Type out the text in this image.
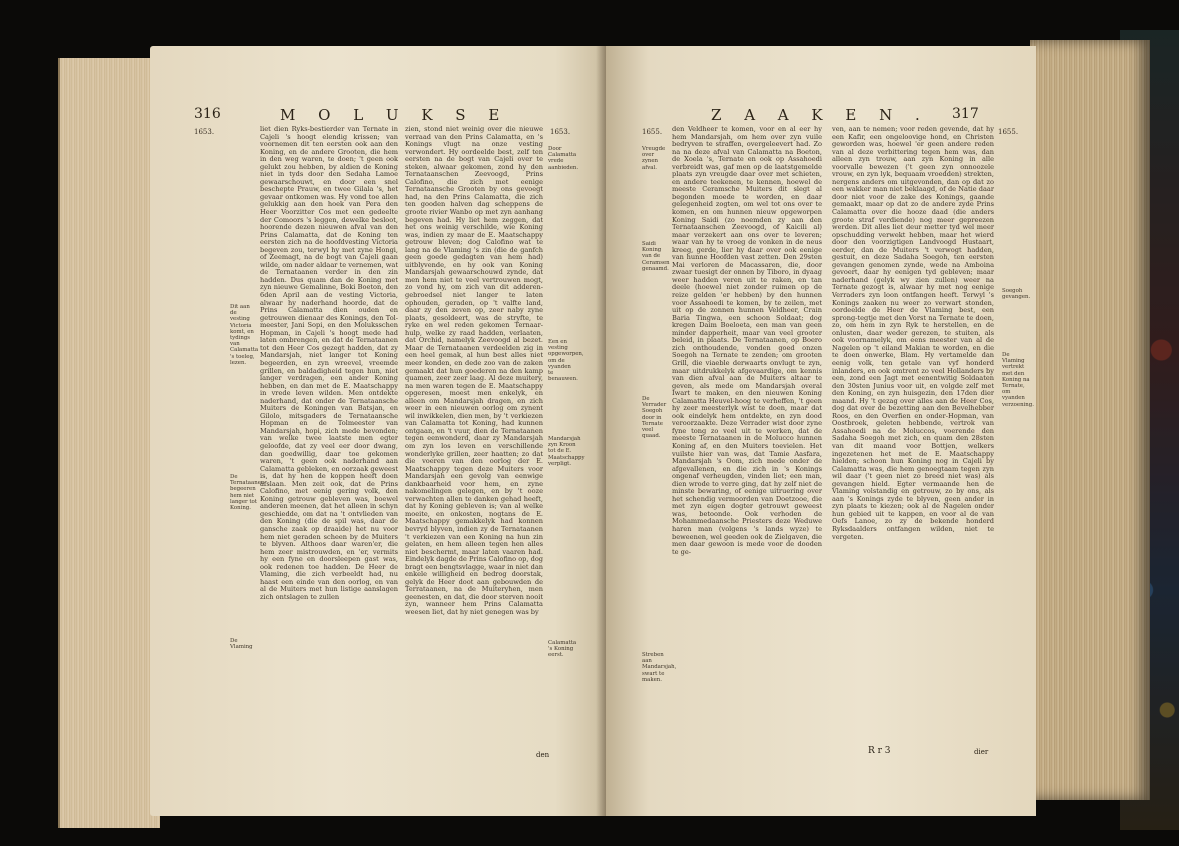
316	M O L U K S E
1653.	1653.
Dit aan de vesting Victoria komt, en tydings van Calamatta 's toeleg, lezen.
De Ternataanen begeeren hem niet langer tot Koning.
De Vlaming
Door Calamatta vrede aanbieden.
Een en vesting opgeworpen, om de vyanden te benauwen.
Mandarsjah zyn Kroon tot de E. Maatschappy verpligt.
Calamatta 's Koning eerst.
liet dien Ryks-bestierder van Ternate in Cajeli 's hoogt elendig krissen; van voornemen dit ten eersten ook aan den Koning, en de andere Grooten, die hem in den weg waren, te doen; 't geen ook gelukt zou hebben, by aldien de Koning niet in tyds door den Sedaha Lamoe gewaarschouwt, en door een snel beschepte Prauw, en twee Gilala 's, het gevaar ontkomen was. Hy vond toe allen gelukkig aan den hoek van Pera den Heer Voorzitter Cos met een gedeelte der Comoors 's leggen, dewelke besloot, hoorende dezen nieuwen afval van den Prins Calamatta, dat de Koning ten eersten zich na de hoofdvesting Victoria begeven zou, terwyl hy met zyne Hongi, of Zeemagt, na de bogt van Cajeli gaan wilde, om nader aldaar te vernemen, wat de Ternataanen verder in den zin hadden. Dus quam dan de Koning met zyn nieuwe Gemalinne, Boki Boeton, den 6den April aan de vesting Victoria, alwaar hy naderhand hoorde, dat de Prins Calamatta dien ouden en getrouwen dienaar des Konings, den Tol-meester, Jani Sopi, en den Moluksschen Hopman, in Cajeli 's hoogt mede had laten ombrengen, en dat de Ternataanen tot den Heer Cos gezegt hadden, dat zy Mandarsjah, niet langer tot Koning begeerden, en zyn wreevel, vreemde grillen, en baldadigheid tegen hun, niet langer verdragen, een ander Koning hebben, en dan met de E. Maatschappy in vrede leven wilden. Men ontdekte naderhand, dat onder de Ternataansche Muiters de Koningen van Batsjan, en Gilolo, mitsgaders de Ternataansche Hopman en de Tolmeester van Mandarsjah, hopi, zich mede bevonden; van welke twee laatste men egter geloofde, dat zy veel eer door dwang, dan goedwillig, daar toe gekomen waren, 't geen ook naderhand aan Calamatta gebleken, en oorzaak geweest is, dat hy hen de koppen heeft doen afslaan. Men zeit ook, dat de Prins Calofino, met eenig gering volk, den Koning getrouw gebleven was, boewel anderen meenen, dat het alleen in schyn geschiedde, om dat na 't ontvlieden van den Koning (die de spil was, daar de gansche zaak op draaide) het nu voor hem niet geraden scheen by de Muiters te blyven. Althoos daar waren'er, die hem zeer mistrouwden, en 'er, vermits hy een fyne en doorsleepen gast was, ook redenen toe hadden. De Heer de Vlaming, die zich verbeeldt had, nu haast een einde van den oorlog, en van al de Muiters met hun listige aanslagen zich ontslagen te zullen
zien, stond niet weinig over die nieuwe verraad van den Prins Calamatta, en 's Konings vlugt na onze vesting verwondert. Hy oordeelde best, zelf ten eersten na de bogt van Cajeli over te steken, alwaar gekomen, zond hy den Ternataanschen Zeevoogd, Prins Calofino, die zich met eenige Ternataansche Grooten by ons gevoegt had, na den Prins Calamatta, die zich ten gooden halven dag scheppens de groote rivier Wanbo op met zyn aanhang begeven had. Hy liet hem zeggen, dat het ons weinig verschilde, wie Koning was, indien zy maar de E. Maatschappy getrouw bleven; dog Calofino wat te lang na de Vlaming 's zin (die de ganfch geen goede gedagten van hem had) uitblyvende, en hy ook van Koning Mandarsjah gewaarschouwd zynde, dat men hem niet te veel vertrouwen mogt, zo vond hy, om zich van dit adderen-gebroedsel niet langer te laten ophouden, geraden, op 't valfte land, daar zy den zeven op, zeer naby zyne plaats, gesoldeert, was de stryfte, te ryke en wel reden gekomen Ternaar-hulp, welke zy raad hadden, verlaaten, dat Orchid, namelyk Zeevoogd al bezet. Maar de Ternataanen verdeelden zig in een heel gemak, al hun best alles niet meer konden, en dede zoo van de zaken gemaakt dat hun goederen na den kamp quamen, zeer zeer laag. Al deze muitery, na men waren tegen de E. Maatschappy opgeresen, moest men enkelyk, en alleen om Mandarsjah dragen, en zich weer in een nieuwen oorlog om zynent wil inwikkelen, dien men, by 't verkiezen van Calamatta tot Koning, had kunnen ontgaan, en 't vuur, dien de Ternataanen tegen eenwonderd, daar zy Mandarsjah om zyn los leven en verschillende wonderlyke grillen, zeer haatten; zo dat die voeren van den oorlog der E. Maatschappy tegen deze Muiters voor Mandarsjah een gevolg van eenwige dankbaarheid voor hem, en zyne nakomelingen gelegen, en by 't ooze verwachten allen te danken gehad heeft, dat hy Koning gebleven is; van al welke moeite, en onkosten, nogtans de E. Maatschappy gemakkelyk had konnen bevryd blyven, indien zy de Ternataanen 't verkiezen van een Koning na hun zin gelaten, en hem alleen tegen hen alles niet beschermt, maar laten vaaren had. Eindelyk dagde de Prins Calofino op, dog bragt een bengtsvlagge, waar in niet dan enkele willigheid en bedrog doorstak, gelyk de Heer doot aan gebouwden de Terrataanen, na de Muiteryhen, men geenesten, en dat, die door sterven nooit zyn, wanneer hem Prins Calamatta weesen liet, dat hy niet genegen was by
den
Z A A K E N . 317
1655.	1655.
Vreugde over zynen afval.
Saidi Koning van de Ceramsen genaamd.
De Verrader Soegoh door in Ternate veel quaad.
Streben aan Mandarsjah, swart te maken.
Soegoh gevangen.
De Vlaming vertrekt met den Koning na Ternate, om vyanden verzoening.
den Veldheer te komen, voor en al eer hy hem Mandarsjah, om hem over zyn vuile bedryven te straffen, overgeleevert had. Zo na na deze afval van Calamatta na Boeton, de Xoela 's, Ternate en ook op Assahoedi verbreidt was, gaf men op de laatstgemelde plaats zyn vreugde daar over met schieten, en andere teekenen, te kennen, hoewel de meeste Ceramsche Muiters dit slegt al begonden moede te worden, en daar gelegenheid zogten, om wel tot ons over te komen, en om hunnen nieuw opgeworpen Koning Saidi (zo noemden zy aan den Ternataanschen Zeevoogd, of Kaicili al) maar verzekert aan ons over te leveren; waar van hy te vroeg de vonken in de neus kreeg, gerde, lier hy daar over ook eenige van hunne Hoofden vast zetten. Den 29sten Mai verloren de Macassaren, die, door zwaar tuesigt der onnen by Tiboro, in dyaag weer hadden veren uit te raken, en tan deele (hoewel niet zonder ruimen op de reize gelden 'er hebben) by den hunnen voor Assahoedi te komen, by te zeilen, met uit op de zonnen hunnen Veldheer, Crain Baria Tingwa, een schoon Soldaat; dog kregen Daim Boeloeta, een man van geen minder dapperheit, maar van veel grooter beleid, in plaats. De Ternataanen, op Boero zich onthoudende, vonden goed onzen Soegoh na Ternate te zenden; om grooten Grill, die viaeble derwaarts onvlugt te zyn, maar uitdrukkelyk afgevaardige, om kennis van dien afval aan de Muiters altaar te geven, als mede om Mandarsjah overal Iwart te maken, en den nieuwen Koning Calamatta Heuvel-hoog te verheffen, 't geen hy zeer meesterlyk wist te doen, maar dat ook eindelyk hem ontdekte, en zyn dood veroorzaakte. Deze Verrader wist door zyne fyne tong zo veel uit te werken, dat de meeste Ternataanen in de Molucco hunnen Koning af, en den Muiters toevielen. Het vuilste hier van was, dat Tamie Aasfara, Mandarsjah 's Oom, zich mede onder de afgevallenen, en die zich in 's Konings ongenaf verheugden, vinden liet; een man, dien wrode to verre ging, dat hy zelf niet de minste bewaring, of eenige uitruering over het schendig vermoorden van Doetzooe, die met zyn eigen dogter getrouwt geweest was, betoonde. Ook verhoden de Mohammedaansche Priesters deze Weduwe haren man (volgens 's lands wyze) te beweenen, wel geeden ook de Zielgaven, die men daar gewoon is mede voor de dooden te ge-
ven, aan te nemen; voor reden gevende, dat hy een Kafir, een ongeloovige hond, en Christen geworden was, hoewel 'er geen andere reden van al deze verbittering tegen hem was, dan alleen zyn trouw, aan zyn Koning in alle voorvalle bewezen ('t geen zyn onnoozele vrouw, en zyn lyk, bequaam vroedden) strekten, nergens anders om uitgevonden, dan op dat zo een wakker man niet beklaagd, of de Natie daar door niet voor de zake des Konings, gaande gemaakt, maar op dat zo de andere zyde Prins Calamatta over die hooze daad (die anders groote straf verdiende) nog meer gepreezen werden. Dit alles liet deur metter tyd wel meer opschudding verwekt hebben, maar het wierd door den voorzigtigen Landvoogd Hustaart, eerder, dan de Muiters 't verwogt hadden, gestuit, en deze Sadaha Soegoh, ten eersten gevangen genomen zynde, wede na Amboina gevoert, daar hy eenigen tyd gebleven; maar naderhand (gelyk wy zien zullen) weer na Ternate gezogt is, alwaar hy met nog eenige Verraders zyn loon ontfangen heeft. Terwyl 's Konings zaaken nu weer zo verwart stonden, oordeelde de Heer de Vlaming best, een sprong-tegtje met den Vorst na Ternate te doen, zo, om hem in zyn Ryk te herstellen, en de onlusten, daar weder gerezen, te stuiten, als ook voornamelyk, om eens meester van al de Nagelen op 't eiland Makian te worden, en die te doen onwerke, Blam. Hy vertamelde dan eenig volk, ten getale van vyf honderd inlanders, en ook omtrent zo veel Hollanders by een, zond een Jagt met eenentwitig Soldaaten den 30sten Junius voor uit, en volgde zelf met den Koning, en zyn huisgezin, den 17den dier maand. Hy 't gezag over alles aan de Heer Cos, dog dat over de bezetting aan den Bevelhebber Roos, en den Overfien en onder-Hopman, van Oostbroek, geleten hebbende, vertrok van Assahoedi na de Moluccos, voerende den Sadaha Soegoh met zich, en quam den 28sten van dit maand voor Bottjen, welkers ingezetenen het met de E. Maatschappy hielden; schoon hun Koning nog in Cajeli by Calamatta was, die hem genoegtaam tegen zyn wil daar ('t geen niet zo breed niet was) als gevangen hield. Egter vermaande hen de Vlaming volstandig en getrouw, zo by ons, als aan 's Konings zyde te blyven, geen ander in zyn plaats te kiezen; ook al de Nagelen onder hun gebied uit te kappen, en voor al de van Oefs Lanoe, zo zy de bekende honderd Ryksdaalders ontfangen wilden, niet te vergeten.
R r 3	dier
